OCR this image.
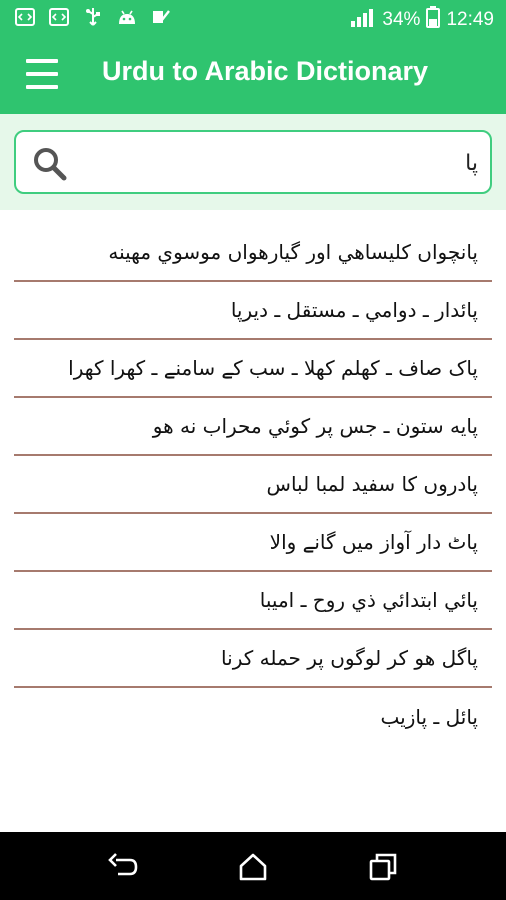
34% 12:49
Urdu to Arabic Dictionary
پا
پانچواں کلیساهي اور گیارهواں موسوي مهينه
پائدار ـ دوامي ـ مستقل ـ ديرپا
پاک صاف ـ کهلم کهلا ـ سب کے سامنے ـ کهرا کهرا
پايه ستون ـ جس پر کوئي محراب نه هو
پادروں کا سفيد لمبا لباس
پاٹ دار آواز میں گانے والا
پائي ابتدائي ذي روح ـ اميبا
پاگل هو کر لوگوں پر حمله کرنا
پائل ـ پازيب
